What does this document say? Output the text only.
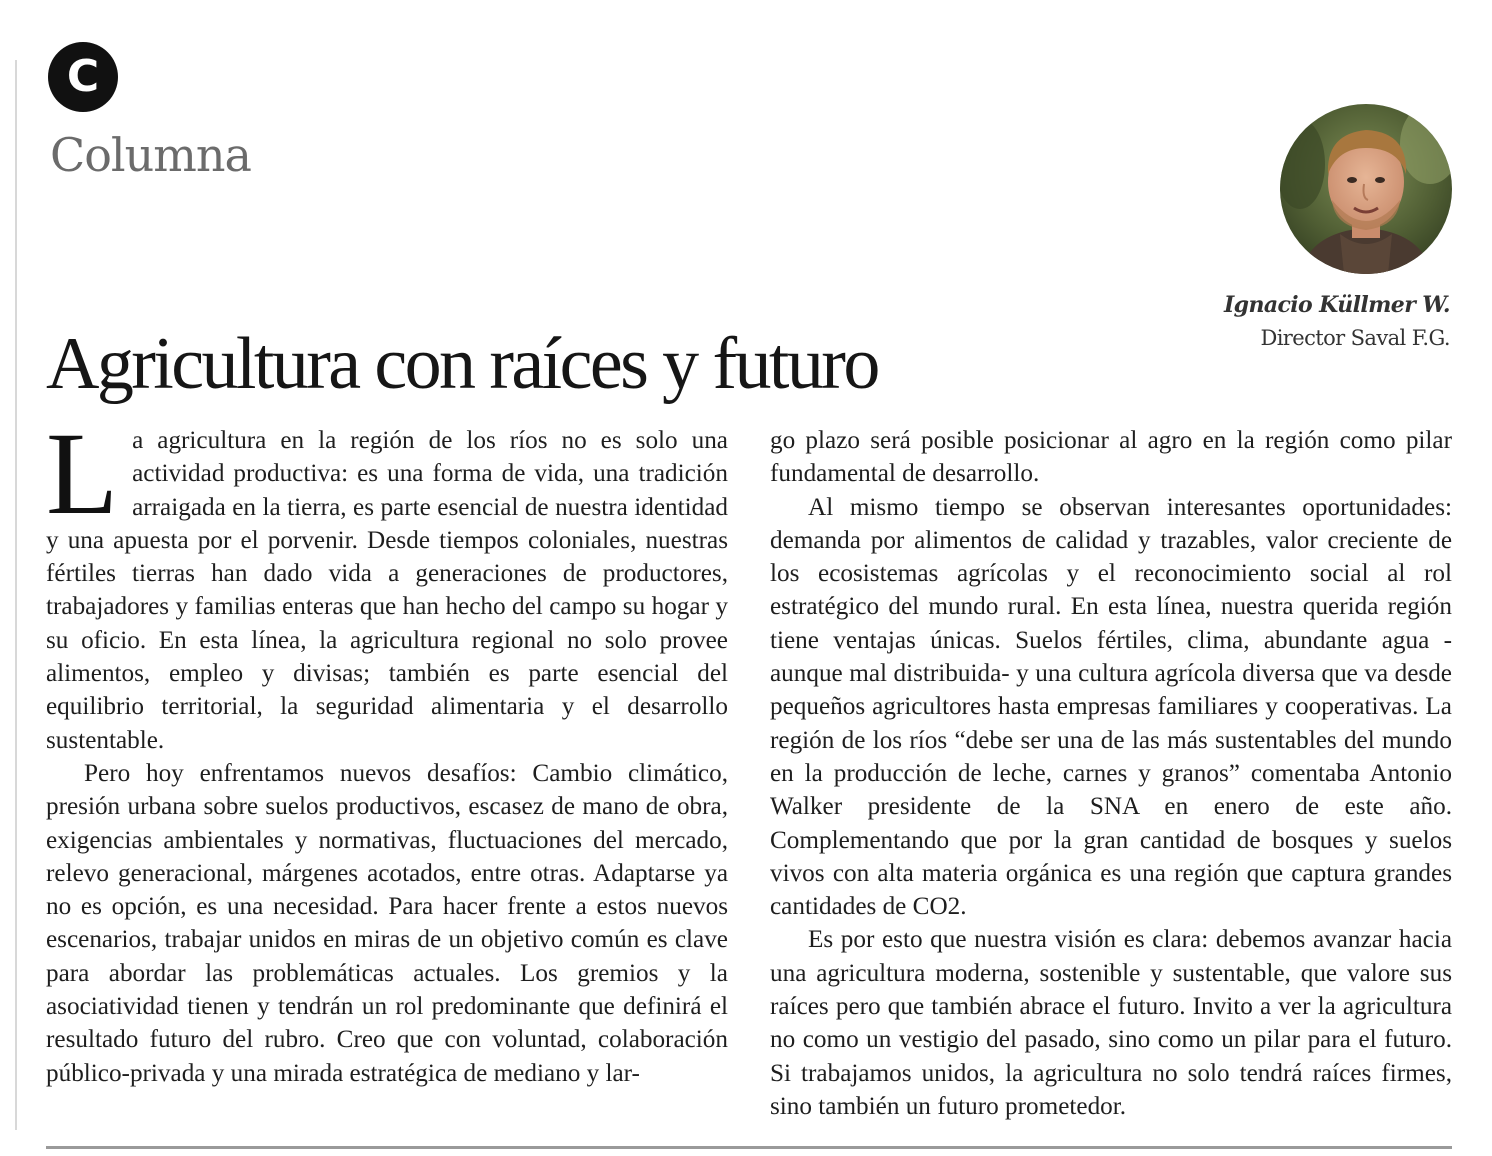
C
Columna
Ignacio Küllmer W.
Director Saval F.G.
Agricultura con raíces y futuro

La agricultura en la región de los ríos no es solo una actividad productiva: es una forma de vida, una tradición arraigada en la tierra, es parte esencial de nuestra identidad y una apuesta por el porvenir. Desde tiempos coloniales, nuestras fértiles tierras han dado vida a generaciones de productores, trabajadores y familias enteras que han hecho del campo su hogar y su oficio. En esta línea, la agricultura regional no solo provee alimentos, empleo y divisas; también es parte esencial del equilibrio territorial, la seguridad alimentaria y el desarrollo sustentable.

Pero hoy enfrentamos nuevos desafíos: Cambio climático, presión urbana sobre suelos productivos, escasez de mano de obra, exigencias ambientales y normativas, fluctuaciones del mercado, relevo generacional, márgenes acotados, entre otras. Adaptarse ya no es opción, es una necesidad. Para hacer frente a estos nuevos escenarios, trabajar unidos en miras de un objetivo común es clave para abordar las problemáticas actuales. Los gremios y la asociatividad tienen y tendrán un rol predominante que definirá el resultado futuro del rubro. Creo que con voluntad, colaboración público-privada y una mirada estratégica de mediano y lar-

go plazo será posible posicionar al agro en la región como pilar fundamental de desarrollo.

Al mismo tiempo se observan interesantes oportunidades: demanda por alimentos de calidad y trazables, valor creciente de los ecosistemas agrícolas y el reconocimiento social al rol estratégico del mundo rural. En esta línea, nuestra querida región tiene ventajas únicas. Suelos fértiles, clima, abundante agua -aunque mal distribuida- y una cultura agrícola diversa que va desde pequeños agricultores hasta empresas familiares y cooperativas. La región de los ríos “debe ser una de las más sustentables del mundo en la producción de leche, carnes y granos” comentaba Antonio Walker presidente de la SNA en enero de este año. Complementando que por la gran cantidad de bosques y suelos vivos con alta materia orgánica es una región que captura grandes cantidades de CO2.

Es por esto que nuestra visión es clara: debemos avanzar hacia una agricultura moderna, sostenible y sustentable, que valore sus raíces pero que también abrace el futuro. Invito a ver la agricultura no como un vestigio del pasado, sino como un pilar para el futuro. Si trabajamos unidos, la agricultura no solo tendrá raíces firmes, sino también un futuro prometedor.
